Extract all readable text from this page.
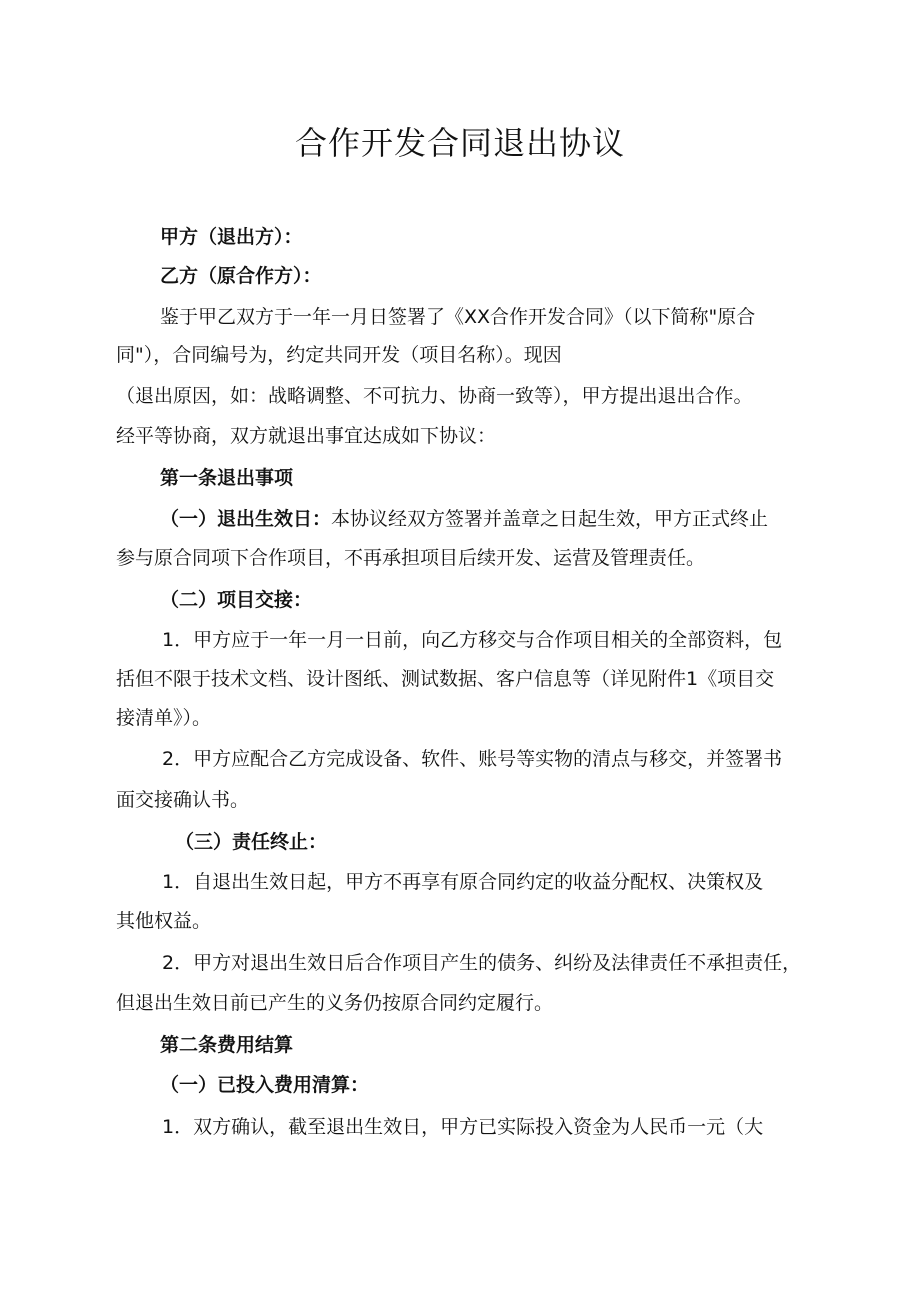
合作开发合同退出协议

甲方（退出方）：

乙方（原合作方）：

鉴于甲乙双方于一年一月日签署了《XX合作开发合同》（以下简称"原合

同"），合同编号为，约定共同开发（项目名称）。现因

（退出原因，如：战略调整、不可抗力、协商一致等），甲方提出退出合作。

经平等协商，双方就退出事宜达成如下协议：

第一条退出事项

（一）退出生效日：本协议经双方签署并盖章之日起生效，甲方正式终止

参与原合同项下合作项目，不再承担项目后续开发、运营及管理责任。

（二）项目交接：

1．甲方应于一年一月一日前，向乙方移交与合作项目相关的全部资料，包

括但不限于技术文档、设计图纸、测试数据、客户信息等（详见附件1《项目交

接清单》）。

2．甲方应配合乙方完成设备、软件、账号等实物的清点与移交，并签署书

面交接确认书。

（三）责任终止：

1．自退出生效日起，甲方不再享有原合同约定的收益分配权、决策权及

其他权益。

2．甲方对退出生效日后合作项目产生的债务、纠纷及法律责任不承担责任，

但退出生效日前已产生的义务仍按原合同约定履行。

第二条费用结算

（一）已投入费用清算：

1．双方确认，截至退出生效日，甲方已实际投入资金为人民币一元（大
